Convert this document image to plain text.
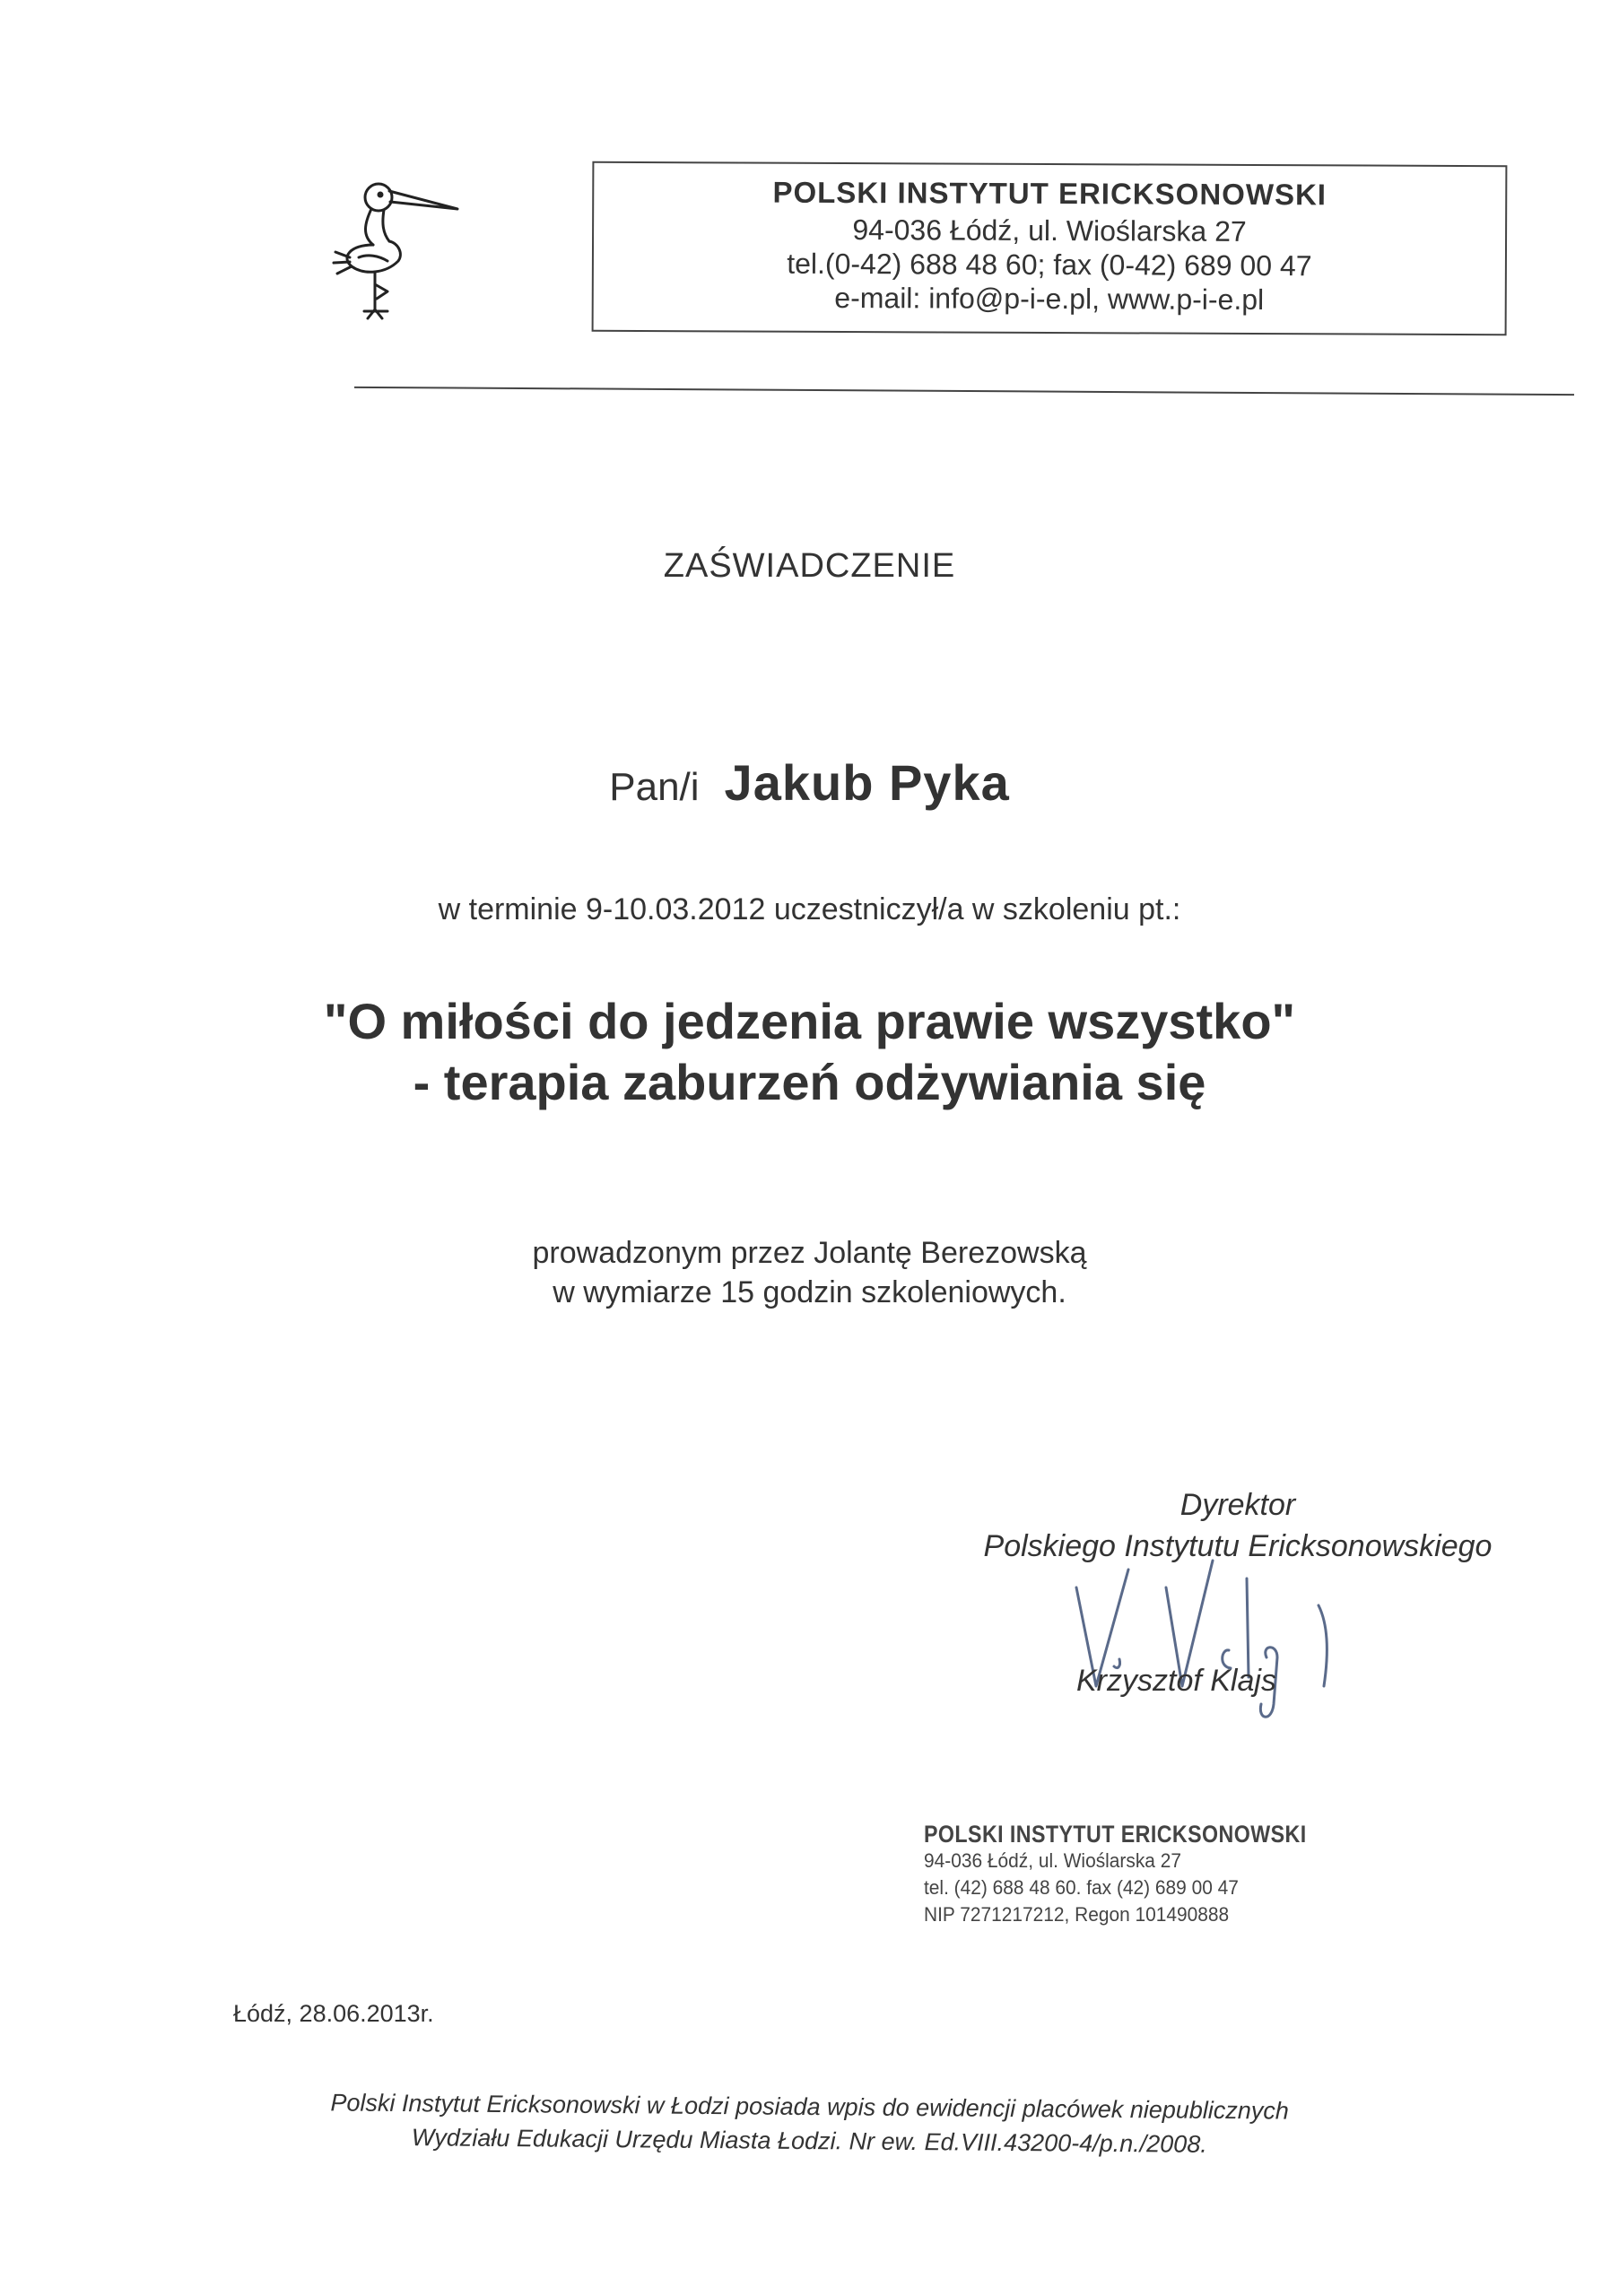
POLSKI INSTYTUT ERICKSONOWSKI
94-036 Łódź, ul. Wioślarska 27
tel.(0-42) 688 48 60; fax (0-42) 689 00 47
e-mail: info@p-i-e.pl, www.p-i-e.pl
ZAŚWIADCZENIE
Pan/i Jakub Pyka
w terminie 9-10.03.2012 uczestniczył/a w szkoleniu pt.:
"O miłości do jedzenia prawie wszystko"
- terapia zaburzeń odżywiania się
prowadzonym przez Jolantę Berezowską
w wymiarze 15 godzin szkoleniowych.
Dyrektor
Polskiego Instytutu Ericksonowskiego
Krzysztof Klajs
POLSKI INSTYTUT ERICKSONOWSKI
94-036 Łódź, ul. Wioślarska 27
tel. (42) 688 48 60. fax (42) 689 00 47
NIP 7271217212, Regon 101490888
Łódź, 28.06.2013r.
Polski Instytut Ericksonowski w Łodzi posiada wpis do ewidencji placówek niepublicznych
Wydziału Edukacji Urzędu Miasta Łodzi. Nr ew. Ed.VIII.43200-4/p.n./2008.
